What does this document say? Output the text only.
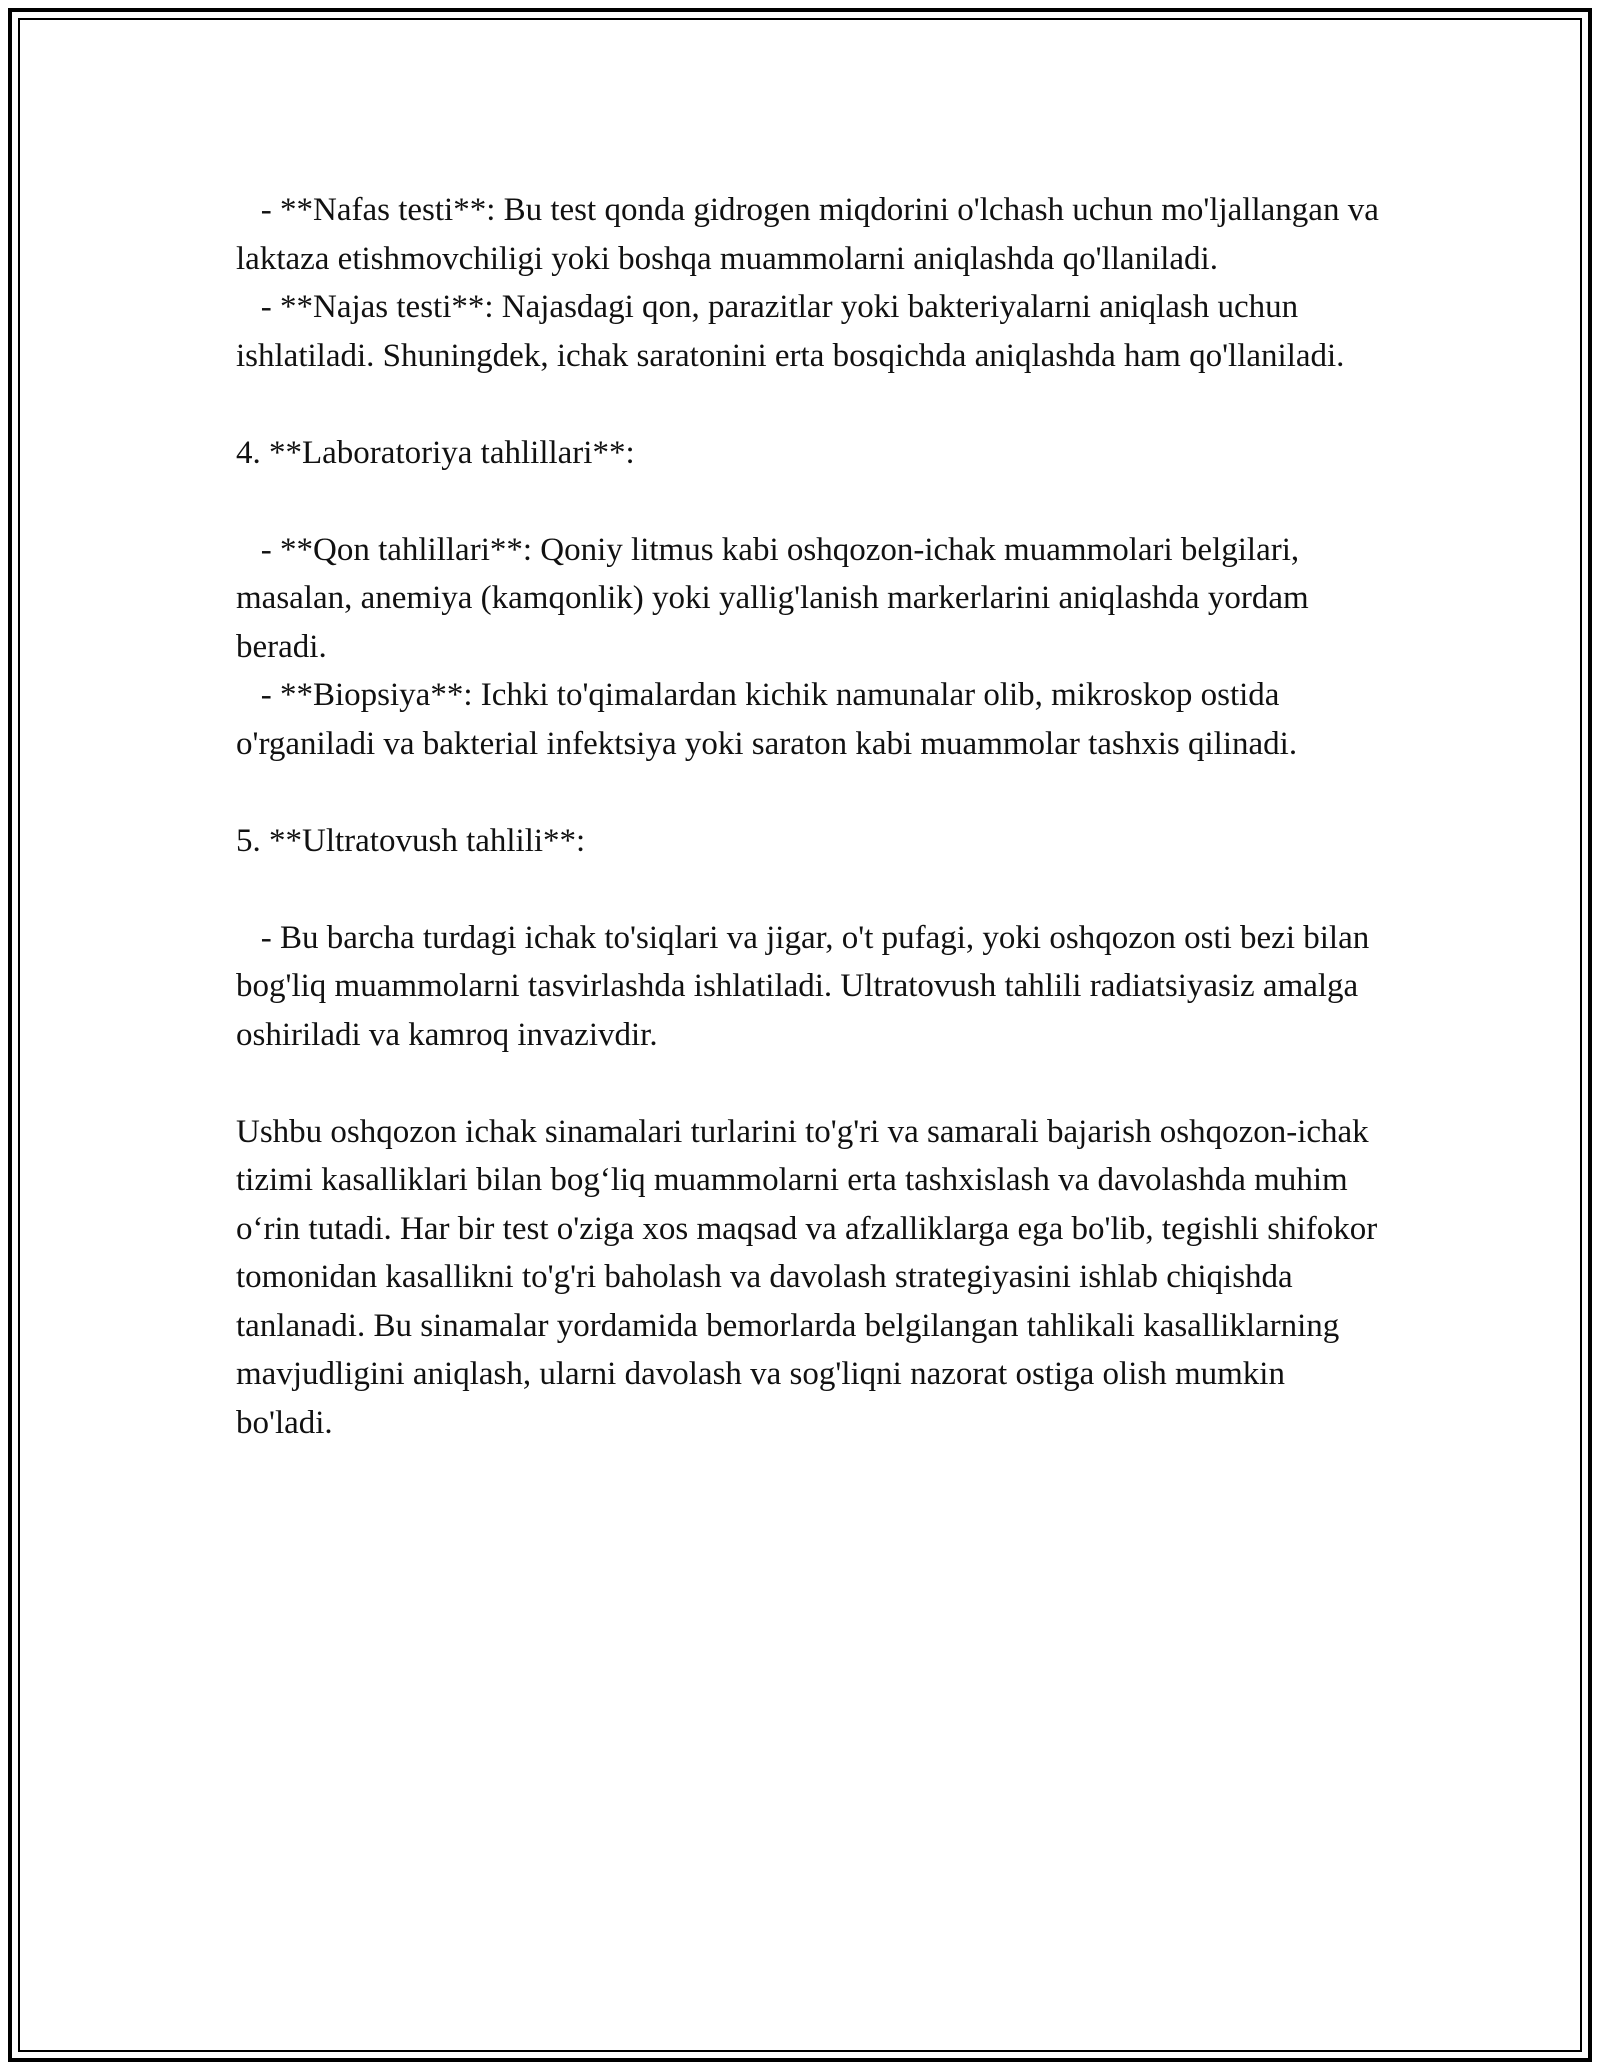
- **Nafas testi**: Bu test qonda gidrogen miqdorini o'lchash uchun mo'ljallangan va laktaza etishmovchiligi yoki boshqa muammolarni aniqlashda qo'llaniladi.

- **Najas testi**: Najasdagi qon, parazitlar yoki bakteriyalarni aniqlash uchun ishlatiladi. Shuningdek, ichak saratonini erta bosqichda aniqlashda ham qo'llaniladi.

4. **Laboratoriya tahlillari**:

- **Qon tahlillari**: Qoniy litmus kabi oshqozon-ichak muammolari belgilari, masalan, anemiya (kamqonlik) yoki yallig'lanish markerlarini aniqlashda yordam beradi.

- **Biopsiya**: Ichki to'qimalardan kichik namunalar olib, mikroskop ostida o'rganiladi va bakterial infektsiya yoki saraton kabi muammolar tashxis qilinadi.

5. **Ultratovush tahlili**:

- Bu barcha turdagi ichak to'siqlari va jigar, o't pufagi, yoki oshqozon osti bezi bilan bog'liq muammolarni tasvirlashda ishlatiladi. Ultratovush tahlili radiatsiyasiz amalga oshiriladi va kamroq invazivdir.

Ushbu oshqozon ichak sinamalari turlarini to'g'ri va samarali bajarish oshqozon-ichak tizimi kasalliklari bilan bog‘liq muammolarni erta tashxislash va davolashda muhim o‘rin tutadi. Har bir test o'ziga xos maqsad va afzalliklarga ega bo'lib, tegishli shifokor tomonidan kasallikni to'g'ri baholash va davolash strategiyasini ishlab chiqishda tanlanadi. Bu sinamalar yordamida bemorlarda belgilangan tahlikali kasalliklarning mavjudligini aniqlash, ularni davolash va sog'liqni nazorat ostiga olish mumkin bo'ladi.
